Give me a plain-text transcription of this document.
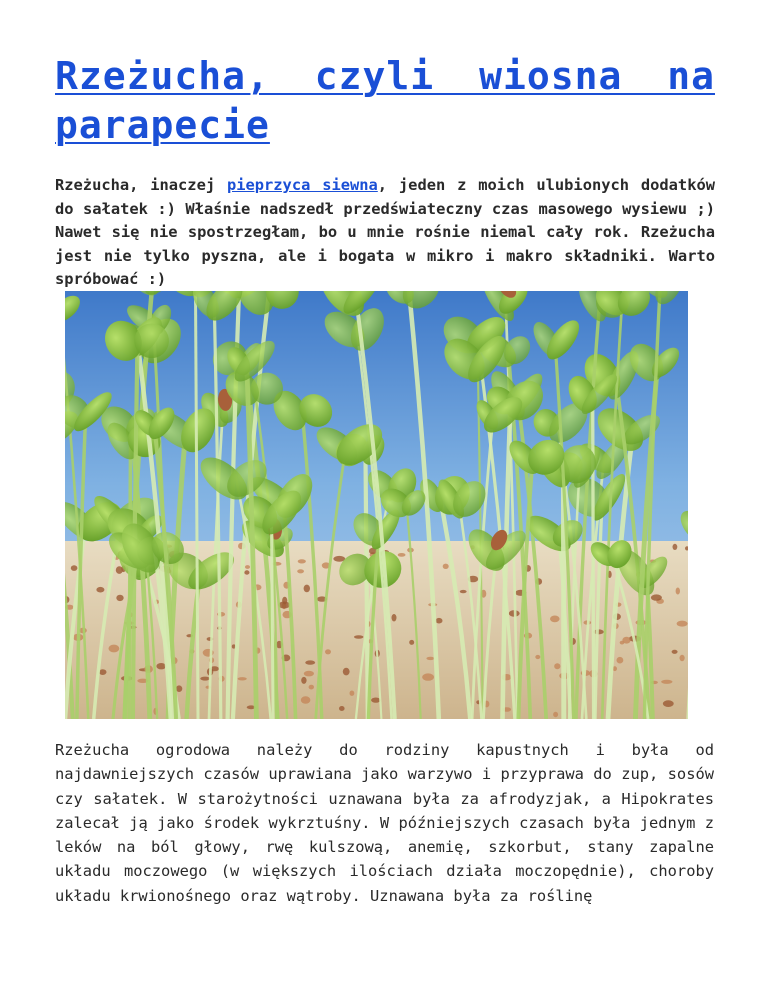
Rzeżucha, czyli wiosna na parapecie

Rzeżucha, inaczej pieprzyca siewna, jeden z moich ulubionych dodatków do sałatek :) Właśnie nadszedł przedświateczny czas masowego wysiewu ;) Nawet się nie spostrzegłam, bo u mnie rośnie niemal cały rok. Rzeżucha jest nie tylko pyszna, ale i bogata w mikro i makro składniki. Warto spróbować :)

Rzeżucha ogrodowa należy do rodziny kapustnych i była od najdawniejszych czasów uprawiana jako warzywo i przyprawa do zup, sosów czy sałatek. W starożytności uznawana była za afrodyzjak, a Hipokrates zalecał ją jako środek wykrztuśny. W późniejszych czasach była jednym z leków na ból głowy, rwę kulszową, anemię, szkorbut, stany zapalne układu moczowego (w większych ilościach działa moczopędnie), choroby układu krwionośnego oraz wątroby. Uznawana była za roślinę
